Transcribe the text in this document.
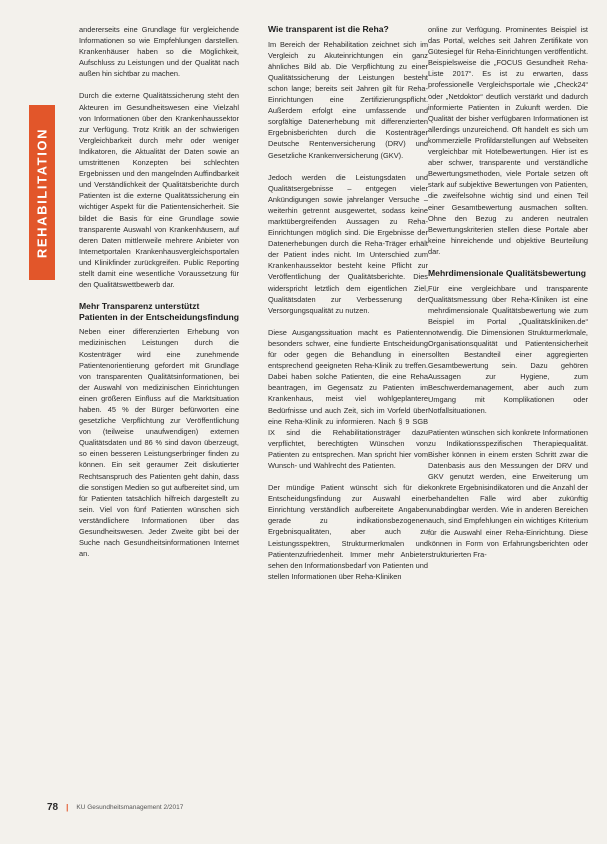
REHABILITATION

andererseits eine Grundlage für vergleichende Informationen so wie Empfehlungen darstellen. Krankenhäuser haben so die Möglichkeit, Aufschluss zu Leistungen und der Qualität nach außen hin sichtbar zu machen.

Durch die externe Qualitätssicherung steht den Akteuren im Gesundheitswesen eine Vielzahl von Informationen über den Krankenhaussektor zur Verfügung. Trotz Kritik an der schwierigen Vergleichbarkeit durch mehr oder weniger Indikatoren, die Aktualität der Daten sowie an umstrittenen Konzepten bei schlechten Ergebnissen und den mangelnden Auffindbarkeit und Verständlichkeit der Qualitätsberichte durch Patienten ist die externe Qualitätssicherung ein wichtiger Aspekt für die Patientensicherheit. Sie bildet die Basis für eine Grundlage sowie transparente Auswahl von Krankenhäusern, auf deren Daten mittlerweile mehrere Anbieter von Internetportalen Krankenhausvergleichsportalen und Klinikfinder zurückgreifen. Public Reporting stellt damit eine wesentliche Voraussetzung für den Qualitätswettbewerb dar.

Mehr Transparenz unterstützt Patienten in der Entscheidungsfindung

Neben einer differenzierten Erhebung von medizinischen Leistungen durch die Kostenträger wird eine zunehmende Patientenorientierung gefordert mit Grundlage von transparenten Qualitätsinformationen, bei der Auswahl von medizinischen Einrichtungen einen größeren Einfluss auf die Marktsituation haben. 45 % der Bürger befürworten eine gesetzliche Verpflichtung zur Veröffentlichung von (teilweise unaufwendigen) externen Qualitätsdaten und 86 % sind davon überzeugt, so einen besseren Leistungserbringer finden zu können. Ein seit geraumer Zeit diskutierter Rechtsanspruch des Patienten geht dahin, dass die sonstigen Medien so gut aufbereitet sind, um für Patienten tatsächlich hilfreich dargestellt zu sein. Viel von fünf Patienten wünschen sich verständlichere Informationen über das Gesundheitswesen. Jeder Zweite gibt bei der Suche nach Gesundheitsinformationen Internet an.

Wie transparent ist die Reha?

Im Bereich der Rehabilitation zeichnet sich im Vergleich zu Akuteinrichtungen ein ganz ähnliches Bild ab. Die Verpflichtung zu einer Qualitätssicherung der Leistungen besteht schon lange; bereits seit Jahren gilt für Reha-Einrichtungen eine Zertifizierungspflicht. Außerdem erfolgt eine umfassende und sorgfältige Datenerhebung mit differenzierten Ergebnisberichten durch die Kostenträger Deutsche Rentenversicherung (DRV) und Gesetzliche Krankenversicherung (GKV).

Jedoch werden die Leistungsdaten und Qualitätsergebnisse – entgegen vieler Ankündigungen sowie jahrelanger Versuche – weiterhin getrennt ausgewertet, sodass keine marktübergreifenden Aussagen zu Reha-Einrichtungen möglich sind. Die Ergebnisse der Datenerhebungen durch die Reha-Träger erhält der Patient indes nicht. Im Unterschied zum Krankenhaussektor besteht keine Pflicht zur Veröffentlichung der Qualitätsberichte. Dies widerspricht letztlich dem eigentlichen Ziel, Qualitätsdaten zur Verbesserung der Versorgungsqualität zu nutzen.

Diese Ausgangssituation macht es Patienten besonders schwer, eine fundierte Entscheidung für oder gegen die Behandlung in einer entsprechend geeigneten Reha-Klinik zu treffen. Dabei haben solche Patienten, die eine Reha beantragen, im Gegensatz zu Patienten im Krankenhaus, meist viel wohlgeplantere Bedürfnisse und auch Zeit, sich im Vorfeld über eine Reha-Klinik zu informieren. Nach § 9 SGB IX sind die Rehabilitationsträger dazu verpflichtet, berechtigten Wünschen von Patienten zu entsprechen. Man spricht hier vom Wunsch- und Wahlrecht des Patienten.

Der mündige Patient wünscht sich für die Entscheidungsfindung zur Auswahl einer Einrichtung verständlich aufbereitete Angaben gerade zu indikationsbezogenen Ergebnisqualitäten, aber auch zu Leistungsspektren, Strukturmerkmalen und Patientenzufriedenheit. Immer mehr Anbieter sehen den Informationsbedarf von Patienten und stellen Informationen über Reha-Kliniken

online zur Verfügung. Prominentes Beispiel ist das Portal, welches seit Jahren Zertifikate von Gütesiegel für Reha-Einrichtungen veröffentlicht. Beispielsweise die „FOCUS Gesundheit Reha-Liste 2017“. Es ist zu erwarten, dass professionelle Vergleichsportale wie „Check24“ oder „Netdoktor“ deutlich verstärkt und dadurch informierte Patienten in Zukunft werden. Die Qualität der bisher verfügbaren Informationen ist allerdings unzureichend. Oft handelt es sich um kommerzielle Profildarstellungen auf Webseiten vergleichbar mit Hotelbewertungen. Hier ist es aber schwer, transparente und verständliche Bewertungsmethoden, viele Portale setzen oft stark auf subjektive Bewertungen von Patienten, die zweifelsohne wichtig sind und einen Teil einer Gesamtbewertung ausmachen sollten. Ohne den Bezug zu anderen neutralen Bewertungskriterien stellen diese Portale aber keine hinreichende und objektive Beurteilung dar.

Mehrdimensionale Qualitätsbewertung

Für eine vergleichbare und transparente Qualitätsmessung über Reha-Kliniken ist eine mehrdimensionale Qualitätsbewertung wie zum Beispiel im Portal „Qualitätskliniken.de“ notwendig. Die Dimensionen Strukturmerkmale, Organisationsqualität und Patientensicherheit sollten Bestandteil einer aggregierten Gesamtbewertung sein. Dazu gehören Aussagen zur Hygiene, zum Beschwerdemanagement, aber auch zum Umgang mit Komplikationen oder Notfallsituationen.

Patienten wünschen sich konkrete Informationen zu Indikationsspezifischen Therapiequalität. Bisher können in einem ersten Schritt zwar die Datenbasis aus den Messungen der DRV und GKV genutzt werden, eine Erweiterung um konkrete Ergebnisindikatoren und die Anzahl der behandelten Fälle wird aber zukünftig unabdingbar werden. Wie in anderen Bereichen auch, sind Empfehlungen ein wichtiges Kriterium für die Auswahl einer Reha-Einrichtung. Diese können in Form von Erfahrungsberichten oder strukturierten Fra-

78 | KU Gesundheitsmanagement 2/2017
